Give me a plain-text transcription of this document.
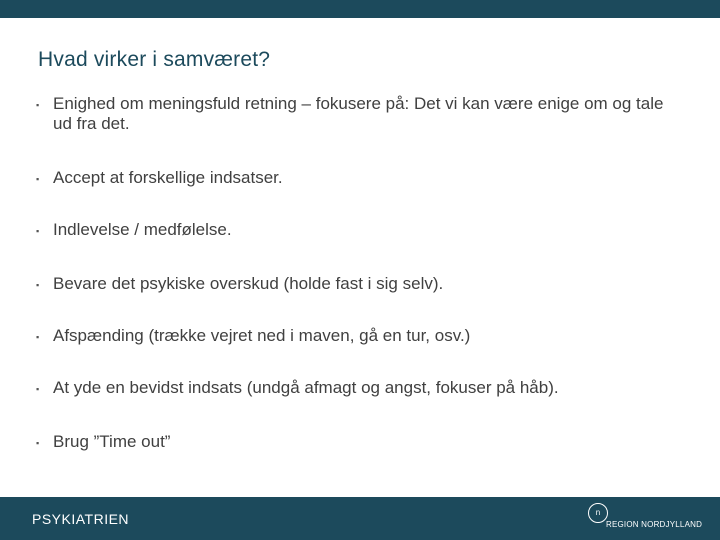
Hvad virker i samværet?
▪ Enighed om meningsfuld retning – fokusere på: Det vi kan være enige om og tale ud fra det.
▪ Accept at forskellige indsatser.
▪ Indlevelse / medfølelse.
▪ Bevare det psykiske overskud (holde fast i sig selv).
▪ Afspænding (trække vejret ned i maven, gå en tur, osv.)
▪ At yde en bevidst indsats (undgå afmagt og angst, fokuser på håb).
▪ Brug ”Time out”
PSYKIATRIEN	n
REGION NORDJYLLAND
